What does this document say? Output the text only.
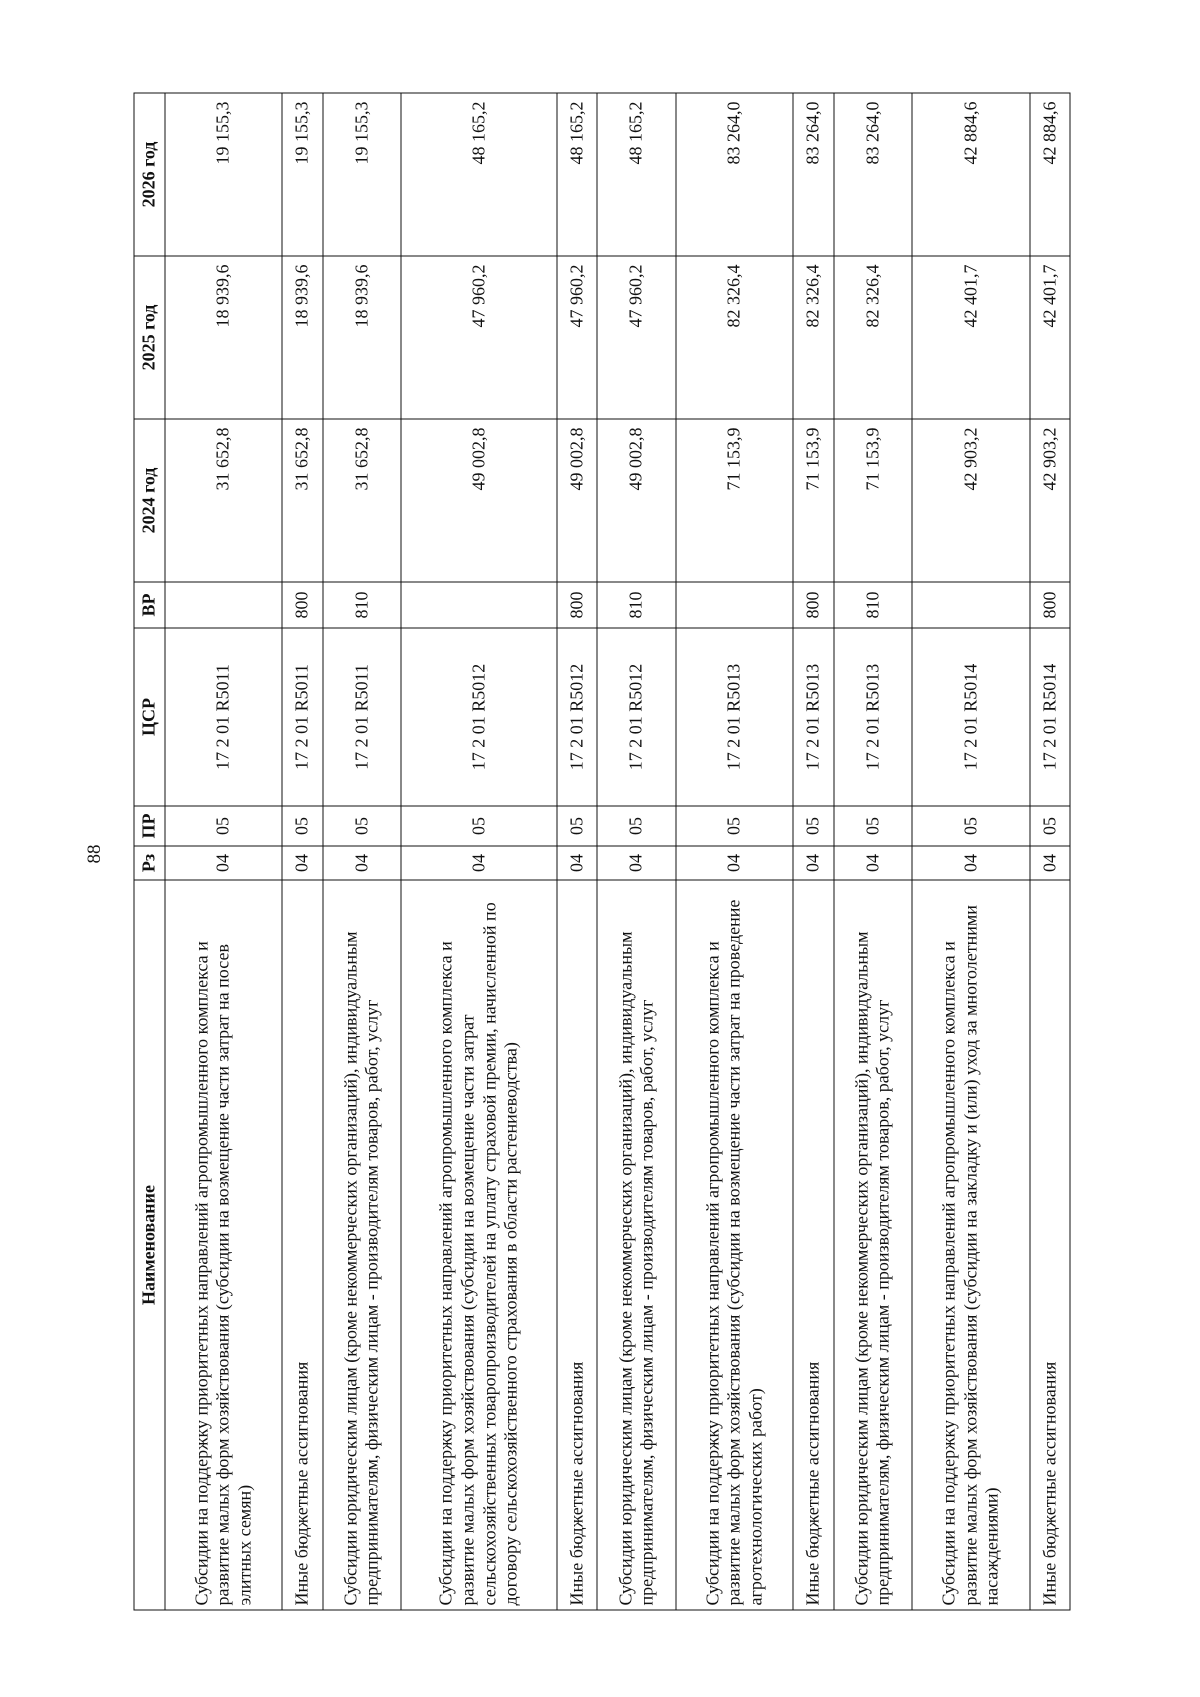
88
Наименование	Рз	ПР	ЦСР	ВР	2024 год	2025 год	2026 год
Субсидии на поддержку приоритетных направлений агропромышленного комплекса и развитие малых форм хозяйствования (субсидии на возмещение части затрат на посев элитных семян)	04	05	17 2 01 R5011		31 652,8	18 939,6	19 155,3
Иные бюджетные ассигнования	04	05	17 2 01 R5011	800	31 652,8	18 939,6	19 155,3
Субсидии юридическим лицам (кроме некоммерческих организаций), индивидуальным предпринимателям, физическим лицам - производителям товаров, работ, услуг	04	05	17 2 01 R5011	810	31 652,8	18 939,6	19 155,3
Субсидии на поддержку приоритетных направлений агропромышленного комплекса и развитие малых форм хозяйствования (субсидии на возмещение части затрат сельскохозяйственных товаропроизводителей на уплату страховой премии, начисленной по договору сельскохозяйственного страхования в области растениеводства)	04	05	17 2 01 R5012		49 002,8	47 960,2	48 165,2
Иные бюджетные ассигнования	04	05	17 2 01 R5012	800	49 002,8	47 960,2	48 165,2
Субсидии юридическим лицам (кроме некоммерческих организаций), индивидуальным предпринимателям, физическим лицам - производителям товаров, работ, услуг	04	05	17 2 01 R5012	810	49 002,8	47 960,2	48 165,2
Субсидии на поддержку приоритетных направлений агропромышленного комплекса и развитие малых форм хозяйствования (субсидии на возмещение части затрат на проведение агротехнологических работ)	04	05	17 2 01 R5013		71 153,9	82 326,4	83 264,0
Иные бюджетные ассигнования	04	05	17 2 01 R5013	800	71 153,9	82 326,4	83 264,0
Субсидии юридическим лицам (кроме некоммерческих организаций), индивидуальным предпринимателям, физическим лицам - производителям товаров, работ, услуг	04	05	17 2 01 R5013	810	71 153,9	82 326,4	83 264,0
Субсидии на поддержку приоритетных направлений агропромышленного комплекса и развитие малых форм хозяйствования (субсидии на закладку и (или) уход за многолетними насаждениями)	04	05	17 2 01 R5014		42 903,2	42 401,7	42 884,6
Иные бюджетные ассигнования	04	05	17 2 01 R5014	800	42 903,2	42 401,7	42 884,6
